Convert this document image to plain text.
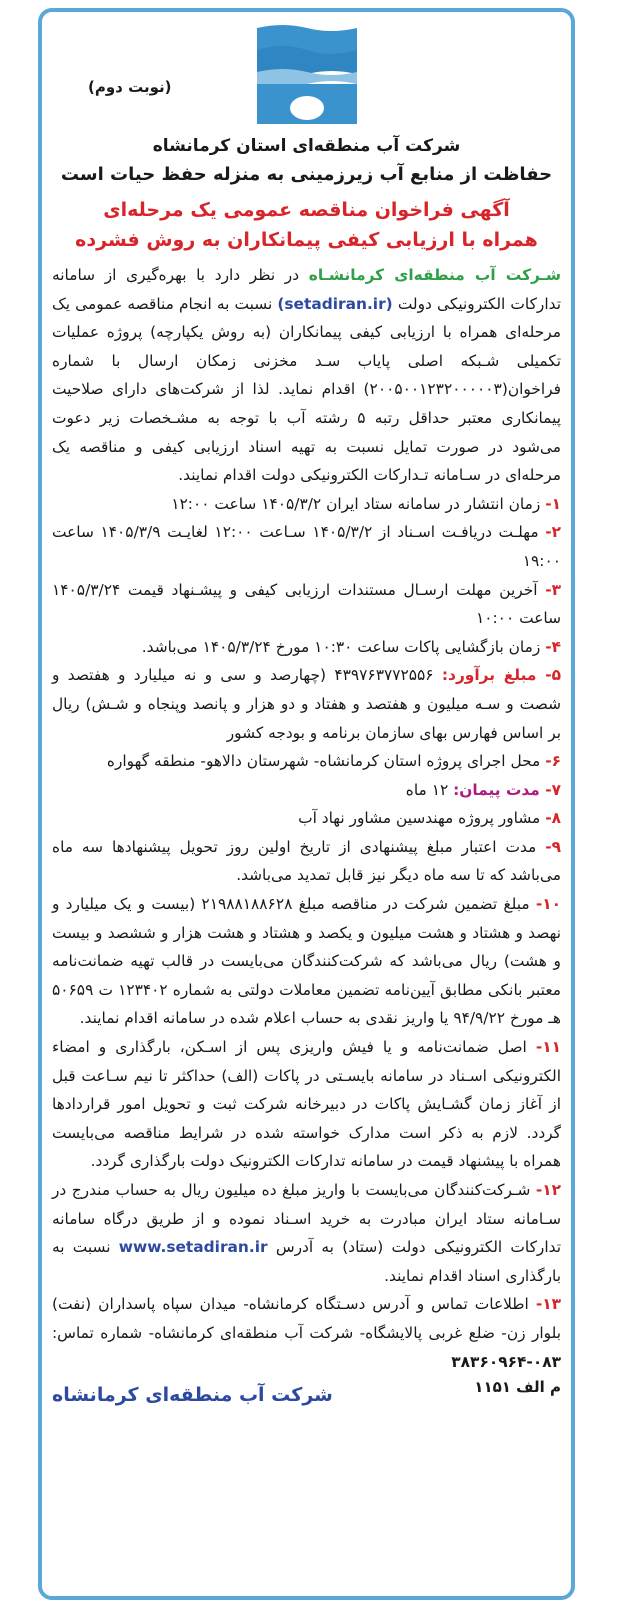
(نوبت دوم)
شرکت آب منطقه‌ای استان کرمانشاه
حفاظت از منابع آب زیرزمینی به منزله حفظ حیات است
آگهی فراخوان مناقصه عمومی یک مرحله‌ای
همراه با ارزیابی کیفی پیمانکاران به روش فشرده

شـرکت آب منطقه‌ای کرمانشـاه در نظر دارد با بهره‌گیری از سامانه تدارکات الکترونیکی دولت (setadiran.ir) نسبت به انجام مناقصه عمومی یک مرحله‌ای همراه با ارزیابی کیفی پیمانکاران (به روش یکپارچه) پروژه عملیات تکمیلی شـبکه اصلی پایاب سـد مخزنی زمکان ارسال با شماره فراخوان(۲۰۰۵۰۰۱۲۳۲۰۰۰۰۰۳) اقدام نماید. لذا از شرکت‌های دارای صلاحیت پیمانکاری معتبر حداقل رتبه ۵ رشته آب با توجه به مشـخصات زیر دعوت می‌شود در صورت تمایل نسبت به تهیه اسناد ارزیابی کیفی و مناقصه یک مرحله‌ای در سـامانه تـدارکات الکترونیکی دولت اقدام نمایند.

۱- زمان انتشار در سامانه ستاد ایران ۱۴۰۵/۳/۲ ساعت ۱۲:۰۰

۲- مهلـت دریافـت اسـناد از ۱۴۰۵/۳/۲ سـاعت ۱۲:۰۰ لغایـت ۱۴۰۵/۳/۹ ساعت ۱۹:۰۰

۳- آخرین مهلت ارسـال مستندات ارزیابی کیفی و پیشـنهاد قیمت ۱۴۰۵/۳/۲۴ ساعت ۱۰:۰۰

۴- زمان بازگشایی پاکات ساعت ۱۰:۳۰ مورخ ۱۴۰۵/۳/۲۴ می‌باشد.

۵- مبلغ برآورد: ۴۳۹۷۶۳۷۷۲۵۵۶ (چهارصد و سی و نه میلیارد و هفتصد و شصت و سـه میلیون و هفتصد و هفتاد و دو هزار و پانصد وپنجاه و شـش) ریال بر اساس فهارس بهای سازمان برنامه و بودجه کشور

۶- محل اجرای پروژه استان کرمانشاه- شهرستان دالاهو- منطقه گهواره

۷- مدت پیمان: ۱۲ ماه

۸- مشاور پروژه مهندسین مشاور نهاد آب

۹- مدت اعتبار مبلغ پیشنهادی از تاریخ اولین روز تحویل پیشنهادها سه ماه می‌باشد که تا سه ماه دیگر نیز قابل تمدید می‌باشد.

۱۰- مبلغ تضمین شرکت در مناقصه مبلغ ۲۱۹۸۸۱۸۸۶۲۸ (بیست و یک میلیارد و نهصد و هشتاد و هشت میلیون و یکصد و هشتاد و هشت هزار و ششصد و بیست و هشت) ریال می‌باشد که شرکت‌کنندگان می‌بایست در قالب تهیه ضمانت‌نامه معتبر بانکی مطابق آیین‌نامه تضمین معاملات دولتی به شماره ۱۲۳۴۰۲ ت ۵۰۶۵۹ هـ مورخ ۹۴/۹/۲۲ یا واریز نقدی به حساب اعلام شده در سامانه اقدام نمایند.

۱۱- اصل ضمانت‌نامه و یا فیش واریزی پس از اسـکن، بارگذاری و امضاء الکترونیکی اسـناد در سامانه بایسـتی در پاکات (الف) حداکثر تا نیم سـاعت قبل از آغاز زمان گشـایش پاکات در دبیرخانه شرکت ثبت و تحویل امور قراردادها گردد. لازم به ذکر است مدارک خواسته شده در شرایط مناقصه می‌بایست همراه با پیشنهاد قیمت در سامانه تدارکات الکترونیک دولت بارگذاری گردد.

۱۲- شـرکت‌کنندگان می‌بایست با واریز مبلغ ده میلیون ریال به حساب مندرج در سـامانه ستاد ایران مبادرت به خرید اسـناد نموده و از طریق درگاه سامانه تدارکات الکترونیکی دولت (ستاد) به آدرس www.setadiran.ir نسبت به بارگذاری اسناد اقدام نمایند.

۱۳- اطلاعات تماس و آدرس دسـتگاه کرمانشاه- میدان سپاه پاسداران (نفت) بلوار زن- ضلع غربی پالایشگاه- شرکت آب منطقه‌ای کرمانشاه- شماره تماس: ۰۸۳-۳۸۳۶۰۹۶۴

م الف ۱۱۵۱
شرکت آب منطقه‌ای کرمانشاه
